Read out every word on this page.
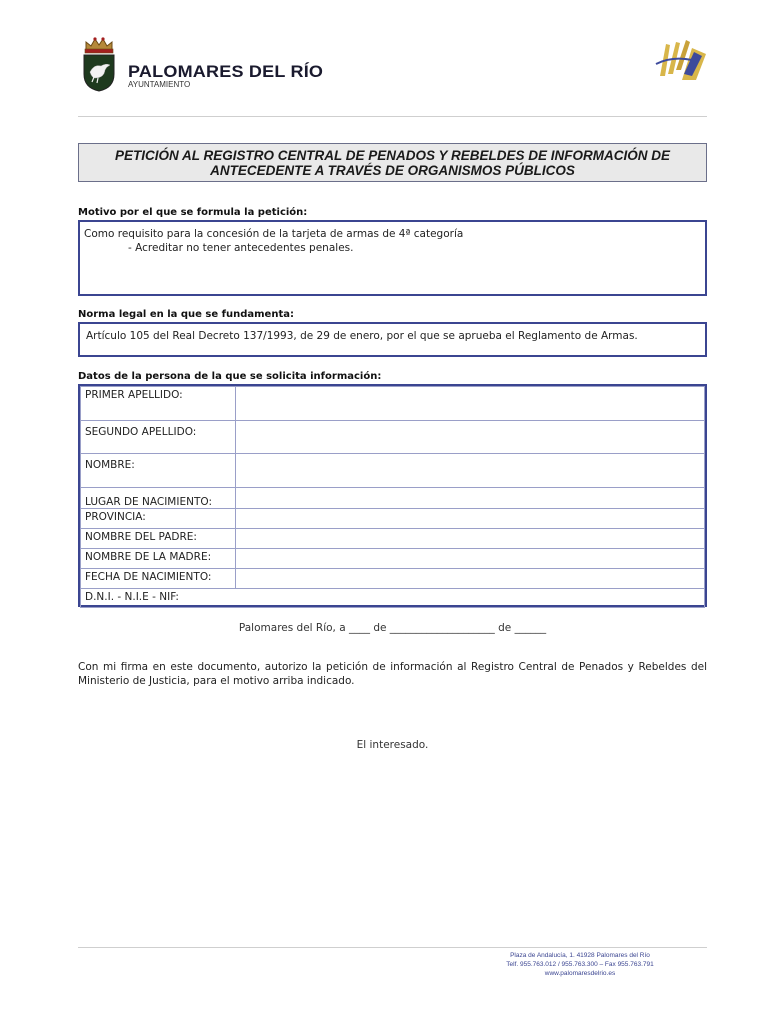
PALOMARES DEL RÍO
AYUNTAMIENTO
PETICIÓN AL REGISTRO CENTRAL DE PENADOS Y REBELDES DE INFORMACIÓN DE
ANTECEDENTE A TRAVÉS DE ORGANISMOS PÚBLICOS
Motivo por el que se formula la petición:
Como requisito para la concesión de la tarjeta de armas de 4ª categoría
- Acreditar no tener antecedentes penales.
Norma legal en la que se fundamenta:
Artículo 105 del Real Decreto 137/1993, de 29 de enero, por el que se aprueba el Reglamento de Armas.
Datos de la persona de la que se solicita información:
PRIMER APELLIDO:	
SEGUNDO APELLIDO:	
NOMBRE:	
LUGAR DE NACIMIENTO:	
PROVINCIA:	
NOMBRE DEL PADRE:	
NOMBRE DE LA MADRE:	
FECHA DE NACIMIENTO:	
D.N.I. - N.I.E - NIF:	
Palomares del Río, a ____ de ____________________ de ______
Con mi firma en este documento, autorizo la petición de información al Registro Central de Penados y Rebeldes del Ministerio de Justicia, para el motivo arriba indicado.
El interesado.
Plaza de Andalucía, 1. 41928 Palomares del Río
Telf. 955.763.012 / 955.763.300 – Fax 955.763.791
www.palomaresdelrio.es
